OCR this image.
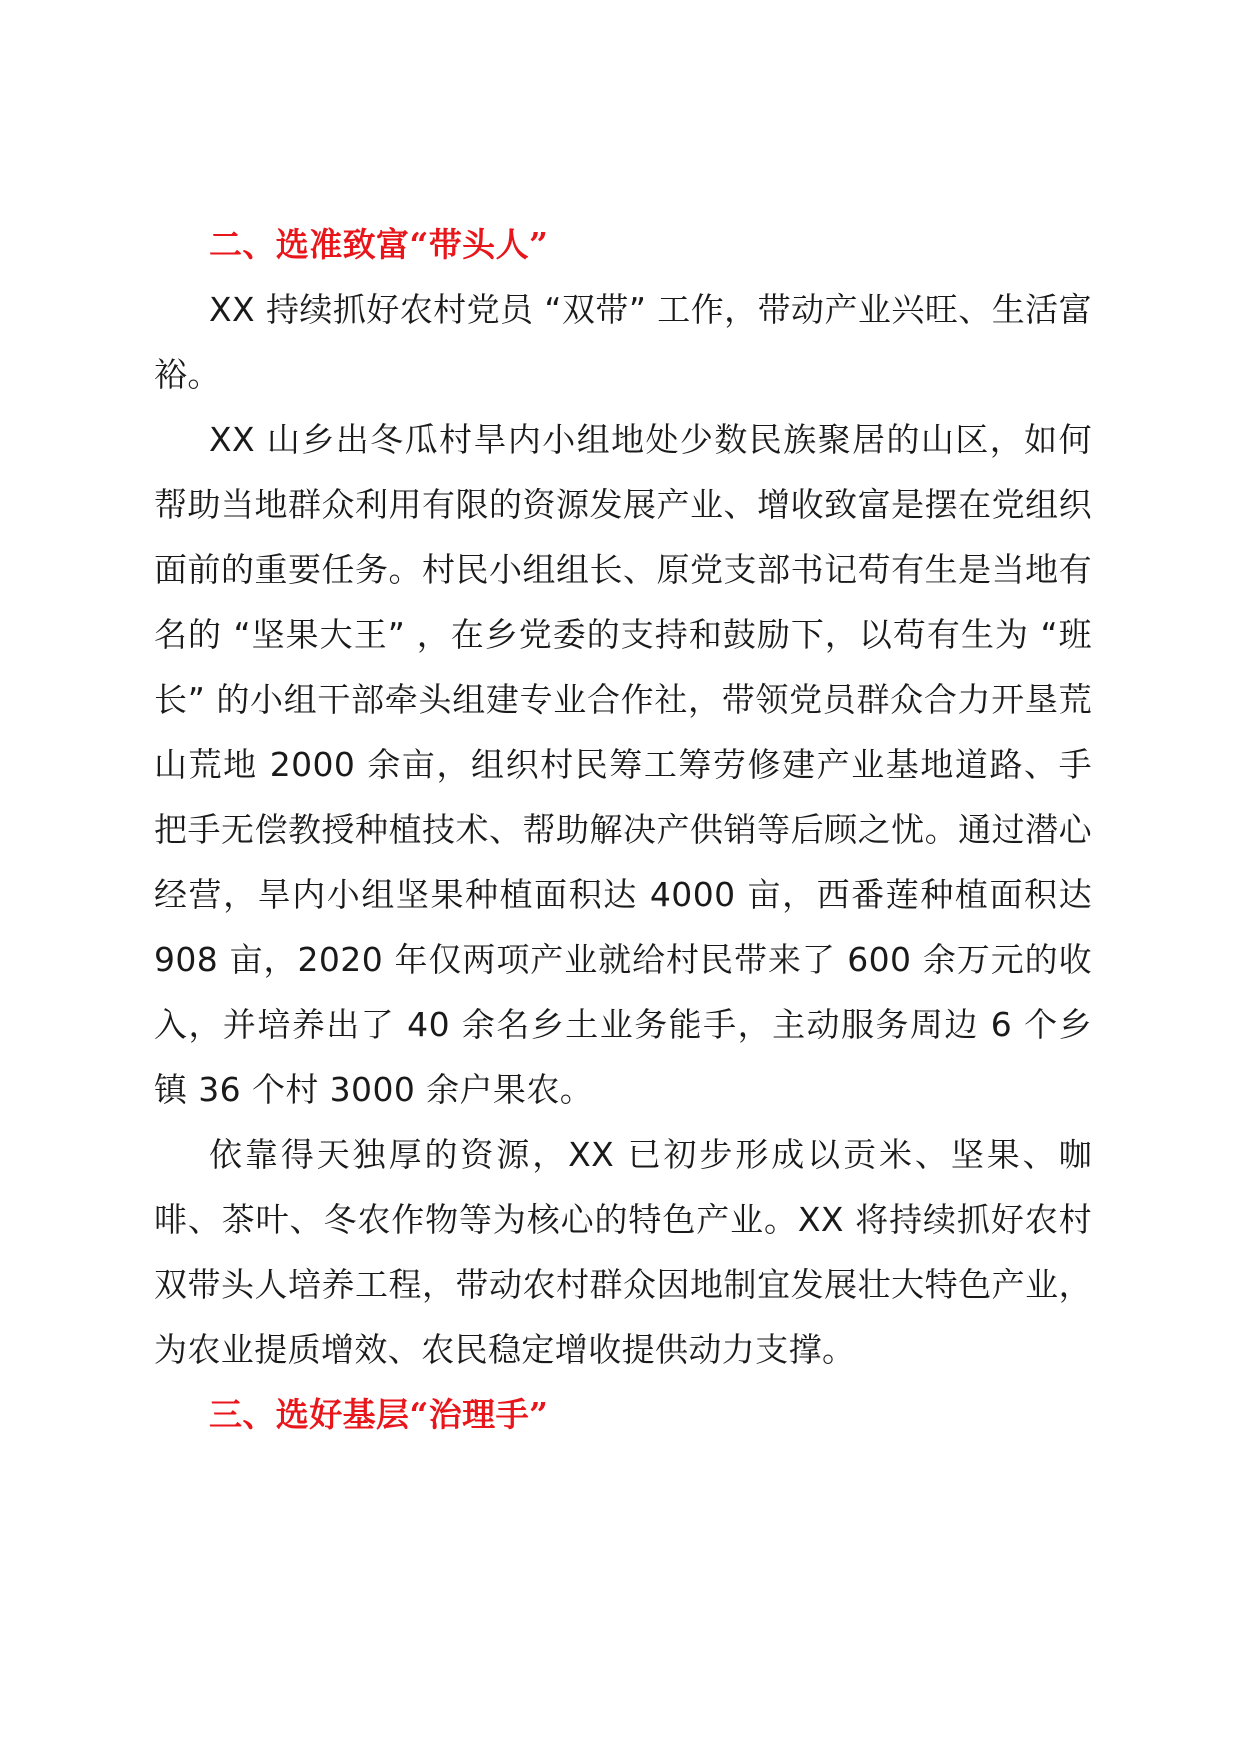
二、选准致富“带头人”

XX 持续抓好农村党员 “双带” 工作，带动产业兴旺、生活富裕。

XX 山乡出冬瓜村旱内小组地处少数民族聚居的山区，如何帮助当地群众利用有限的资源发展产业、增收致富是摆在党组织面前的重要任务。村民小组组长、原党支部书记苟有生是当地有名的 “坚果大王” ，在乡党委的支持和鼓励下，以苟有生为 “班长” 的小组干部牵头组建专业合作社，带领党员群众合力开垦荒山荒地 2000 余亩，组织村民筹工筹劳修建产业基地道路、手把手无偿教授种植技术、帮助解决产供销等后顾之忧。通过潜心经营，旱内小组坚果种植面积达 4000 亩，西番莲种植面积达 908 亩，2020 年仅两项产业就给村民带来了 600 余万元的收入，并培养出了 40 余名乡土业务能手，主动服务周边 6 个乡镇 36 个村 3000 余户果农。

依靠得天独厚的资源，XX 已初步形成以贡米、坚果、咖啡、茶叶、冬农作物等为核心的特色产业。XX 将持续抓好农村双带头人培养工程，带动农村群众因地制宜发展壮大特色产业，为农业提质增效、农民稳定增收提供动力支撑。

三、选好基层“治理手”
